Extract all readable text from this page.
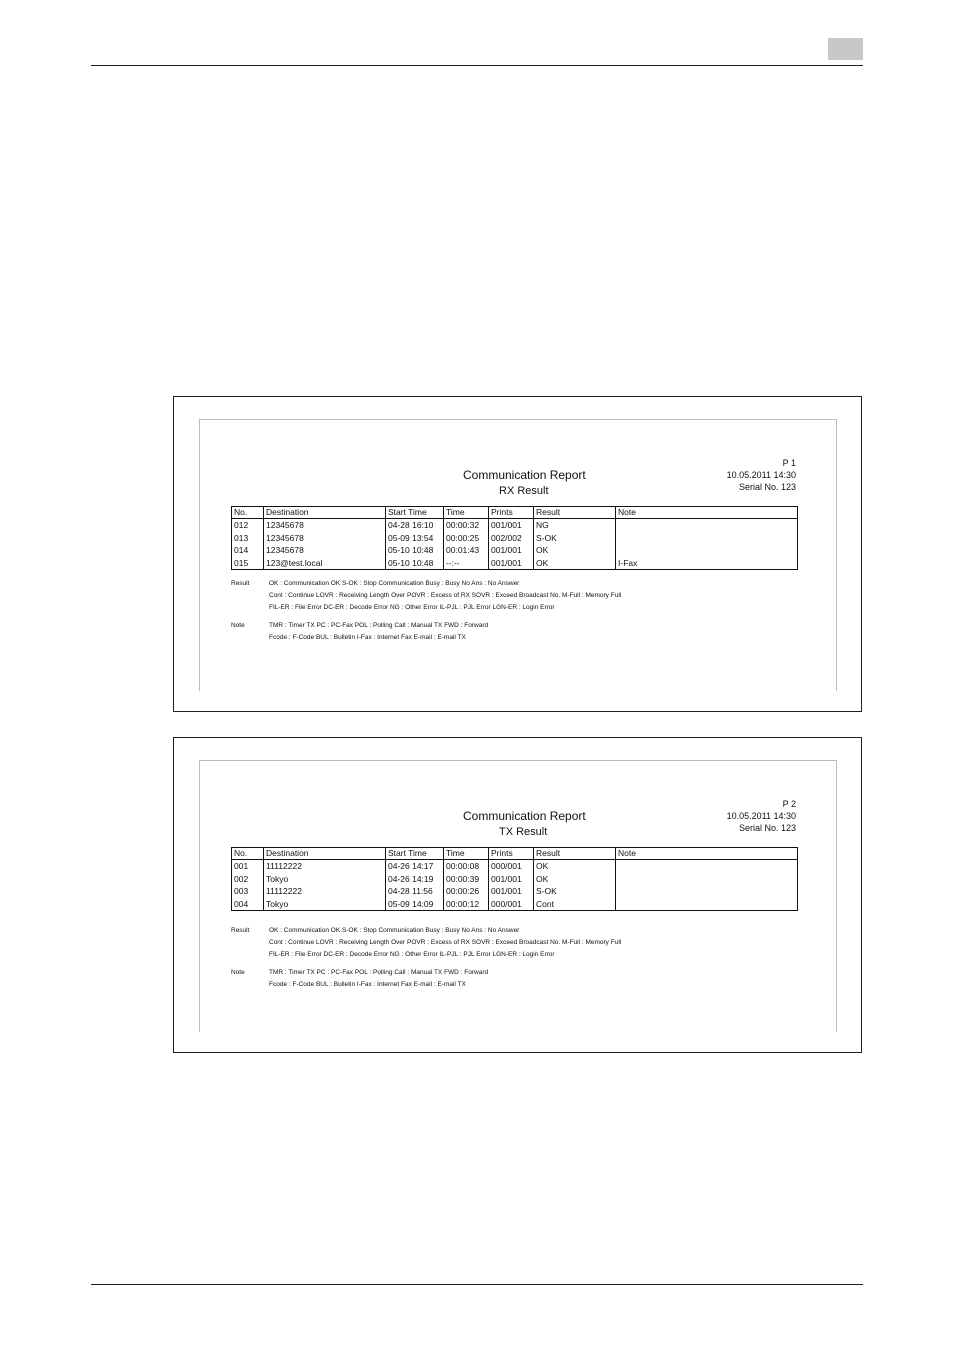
P 1
10.05.2011 14:30
Serial No. 123
Communication Report
RX Result
No.	Destination	Start Time	Time	Prints	Result	Note
012	12345678	04-28 16:10	00:00:32	001/001	NG	
013	12345678	05-09 13:54	00:00:25	002/002	S-OK	
014	12345678	05-10 10:48	00:01:43	001/001	OK	
015	123@test.local	05-10 10:48	--:--	001/001	OK	I-Fax
Result	OK : Communication OK S-OK : Stop Communication Busy : Busy No Ans : No Answer
Cont : Continue LOVR : Receiving Length Over POVR : Excess of RX SOVR : Exceed Broadcast No. M-Full : Memory Full
FIL-ER : File Error DC-ER : Decode Error NG : Other Error IL-PJL : PJL Error LGN-ER : Login Error
Note	TMR : Timer TX PC : PC-Fax POL : Polling Call : Manual TX FWD : Forward
Fcode : F-Code BUL : Bulletin I-Fax : Internet Fax E-mail : E-mail TX
P 2
10.05.2011 14:30
Serial No. 123
Communication Report
TX Result
No.	Destination	Start Time	Time	Prints	Result	Note
001	11112222	04-26 14:17	00:00:08	000/001	OK	
002	Tokyo	04-26 14:19	00:00:39	001/001	OK	
003	11112222	04-28 11:56	00:00:26	001/001	S-OK	
004	Tokyo	05-09 14:09	00:00:12	000/001	Cont	
Result	OK : Communication OK S-OK : Stop Communication Busy : Busy No Ans : No Answer
Cont : Continue LOVR : Receiving Length Over POVR : Excess of RX SOVR : Exceed Broadcast No. M-Full : Memory Full
FIL-ER : File Error DC-ER : Decode Error NG : Other Error IL-PJL : PJL Error LGN-ER : Login Error
Note	TMR : Timer TX PC : PC-Fax POL : Polling Call : Manual TX FWD : Forward
Fcode : F-Code BUL : Bulletin I-Fax : Internet Fax E-mail : E-mail TX
